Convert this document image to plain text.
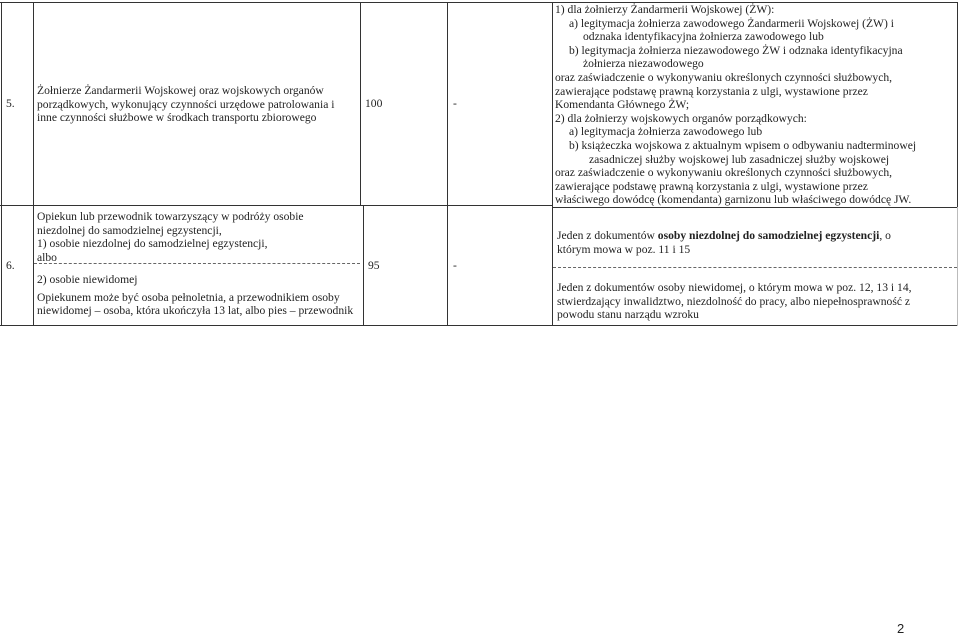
5.

Żołnierze Żandarmerii Wojskowej oraz wojskowych organów

porządkowych, wykonujący czynności urzędowe patrolowania i

inne czynności służbowe w środkach transportu zbiorowego

100	-

1) dla żołnierzy Żandarmerii Wojskowej (ŻW):

a) legitymacja żołnierza zawodowego Żandarmerii Wojskowej (ŻW) i

odznaka identyfikacyjna żołnierza zawodowego lub

b) legitymacja żołnierza niezawodowego ŻW i odznaka identyfikacyjna

żołnierza niezawodowego

oraz zaświadczenie o wykonywaniu określonych czynności służbowych,

zawierające podstawę prawną korzystania z ulgi, wystawione przez

Komendanta Głównego ŻW;

2) dla żołnierzy wojskowych organów porządkowych:

a) legitymacja żołnierza zawodowego lub

b) książeczka wojskowa z aktualnym wpisem o odbywaniu nadterminowej

zasadniczej służby wojskowej lub zasadniczej służby wojskowej

oraz zaświadczenie o wykonywaniu określonych czynności służbowych,

zawierające podstawę prawną korzystania z ulgi, wystawione przez

właściwego dowódcę (komendanta) garnizonu lub właściwego dowódcę JW.

6.

Opiekun lub przewodnik towarzyszący w podróży osobie

niezdolnej do samodzielnej egzystencji,

1) osobie niezdolnej do samodzielnej egzystencji,

albo

2) osobie niewidomej

Opiekunem może być osoba pełnoletnia, a przewodnikiem osoby

niewidomej – osoba, która ukończyła 13 lat, albo pies – przewodnik

95	-

Jeden z dokumentów osoby niezdolnej do samodzielnej egzystencji, o

którym mowa w poz. 11 i 15

Jeden z dokumentów osoby niewidomej, o którym mowa w poz. 12, 13 i 14,

stwierdzający inwalidztwo, niezdolność do pracy, albo niepełnosprawność z

powodu stanu narządu wzroku

2
